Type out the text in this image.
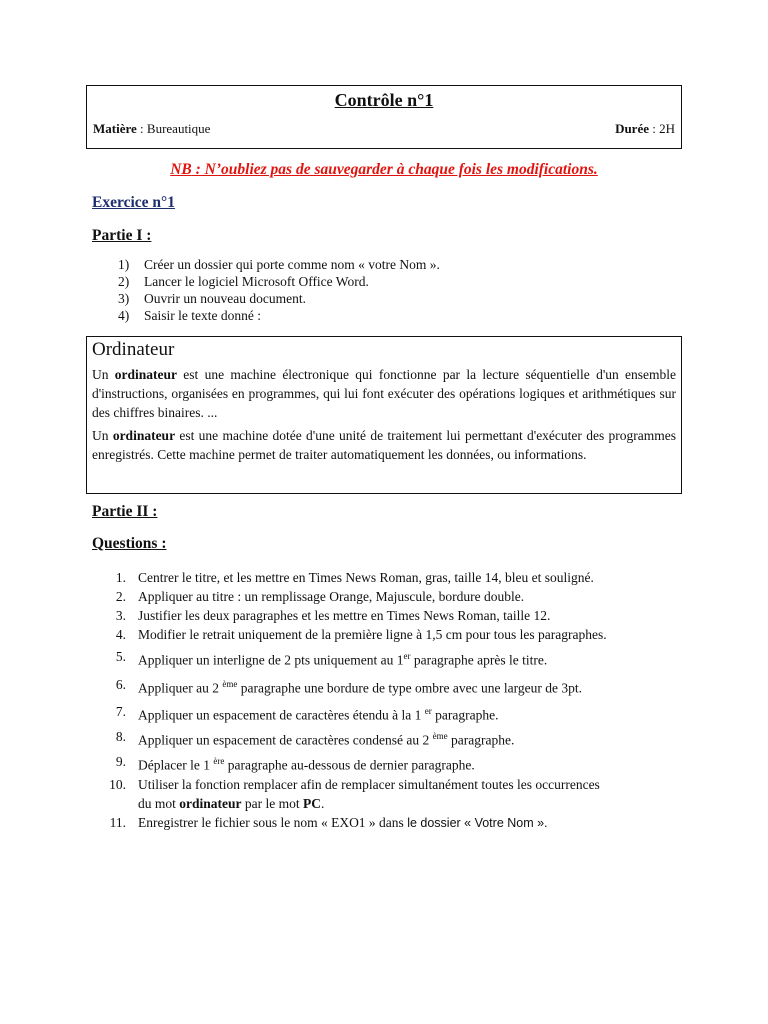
Contrôle n°1
Matière : Bureautique	Durée : 2H
NB : N’oubliez pas de sauvegarder à chaque fois les modifications.
Exercice n°1
Partie I :
1)	Créer un dossier qui porte comme nom « votre Nom ».
2)	Lancer le logiciel Microsoft Office Word.
3)	Ouvrir un nouveau document.
4)	Saisir le texte donné :
Ordinateur

Un ordinateur est une machine électronique qui fonctionne par la lecture séquentielle d'un ensemble d'instructions, organisées en programmes, qui lui font exécuter des opérations logiques et arithmétiques sur des chiffres binaires. ...

Un ordinateur est une machine dotée d'une unité de traitement lui permettant d'exécuter des programmes enregistrés. Cette machine permet de traiter automatiquement les données, ou informations.

Partie II :
Questions :
1. Centrer le titre, et les mettre en Times News Roman, gras, taille 14, bleu et souligné.
2. Appliquer au titre : un remplissage Orange, Majuscule, bordure double.
3. Justifier les deux paragraphes et les mettre en Times News Roman, taille 12.
4. Modifier le retrait uniquement de la première ligne à 1,5 cm pour tous les paragraphes.
5. Appliquer un interligne de 2 pts uniquement au 1er paragraphe après le titre.
6. Appliquer au 2 $^{ème}$ paragraphe une bordure de type ombre avec une largeur de 3pt.
7. Appliquer un espacement de caractères étendu à la 1 $^{er}$ paragraphe.
8. Appliquer un espacement de caractères condensé au 2 $^{ème}$ paragraphe.
9. Déplacer le 1 $^{ère}$ paragraphe au-dessous de dernier paragraphe.
10. Utiliser la fonction remplacer afin de remplacer simultanément toutes les occurrences
du mot ordinateur par le mot PC.
11. Enregistrer le fichier sous le nom « EXO1 » dans le dossier « Votre Nom ».
